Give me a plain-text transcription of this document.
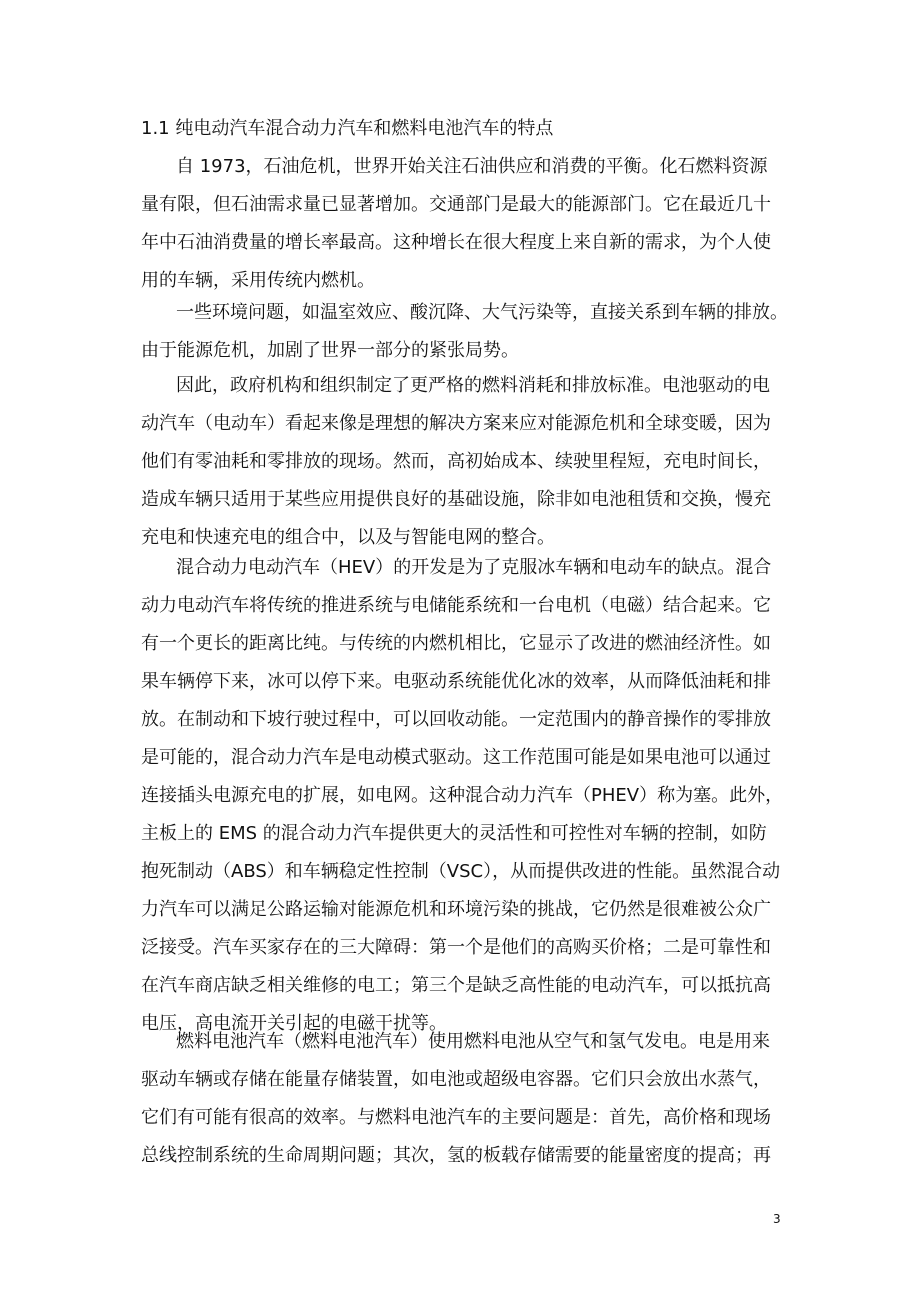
1.1 纯电动汽车混合动力汽车和燃料电池汽车的特点
自 1973，石油危机，世界开始关注石油供应和消费的平衡。化石燃料资源
量有限，但石油需求量已显著增加。交通部门是最大的能源部门。它在最近几十
年中石油消费量的增长率最高。这种增长在很大程度上来自新的需求，为个人使
用的车辆，采用传统内燃机。
一些环境问题，如温室效应、酸沉降、大气污染等，直接关系到车辆的排放。
由于能源危机，加剧了世界一部分的紧张局势。
因此，政府机构和组织制定了更严格的燃料消耗和排放标准。电池驱动的电
动汽车（电动车）看起来像是理想的解决方案来应对能源危机和全球变暖，因为
他们有零油耗和零排放的现场。然而，高初始成本、续驶里程短，充电时间长，
造成车辆只适用于某些应用提供良好的基础设施，除非如电池租赁和交换，慢充
充电和快速充电的组合中，以及与智能电网的整合。
混合动力电动汽车（HEV）的开发是为了克服冰车辆和电动车的缺点。混合
动力电动汽车将传统的推进系统与电储能系统和一台电机（电磁）结合起来。它
有一个更长的距离比纯。与传统的内燃机相比，它显示了改进的燃油经济性。如
果车辆停下来，冰可以停下来。电驱动系统能优化冰的效率，从而降低油耗和排
放。在制动和下坡行驶过程中，可以回收动能。一定范围内的静音操作的零排放
是可能的，混合动力汽车是电动模式驱动。这工作范围可能是如果电池可以通过
连接插头电源充电的扩展，如电网。这种混合动力汽车（PHEV）称为塞。此外，
主板上的 EMS 的混合动力汽车提供更大的灵活性和可控性对车辆的控制，如防
抱死制动（ABS）和车辆稳定性控制（VSC），从而提供改进的性能。虽然混合动
力汽车可以满足公路运输对能源危机和环境污染的挑战，它仍然是很难被公众广
泛接受。汽车买家存在的三大障碍：第一个是他们的高购买价格；二是可靠性和
在汽车商店缺乏相关维修的电工；第三个是缺乏高性能的电动汽车，可以抵抗高
电压，高电流开关引起的电磁干扰等。
燃料电池汽车（燃料电池汽车）使用燃料电池从空气和氢气发电。电是用来
驱动车辆或存储在能量存储装置，如电池或超级电容器。它们只会放出水蒸气，
它们有可能有很高的效率。与燃料电池汽车的主要问题是：首先，高价格和现场
总线控制系统的生命周期问题；其次，氢的板载存储需要的能量密度的提高；再
3
